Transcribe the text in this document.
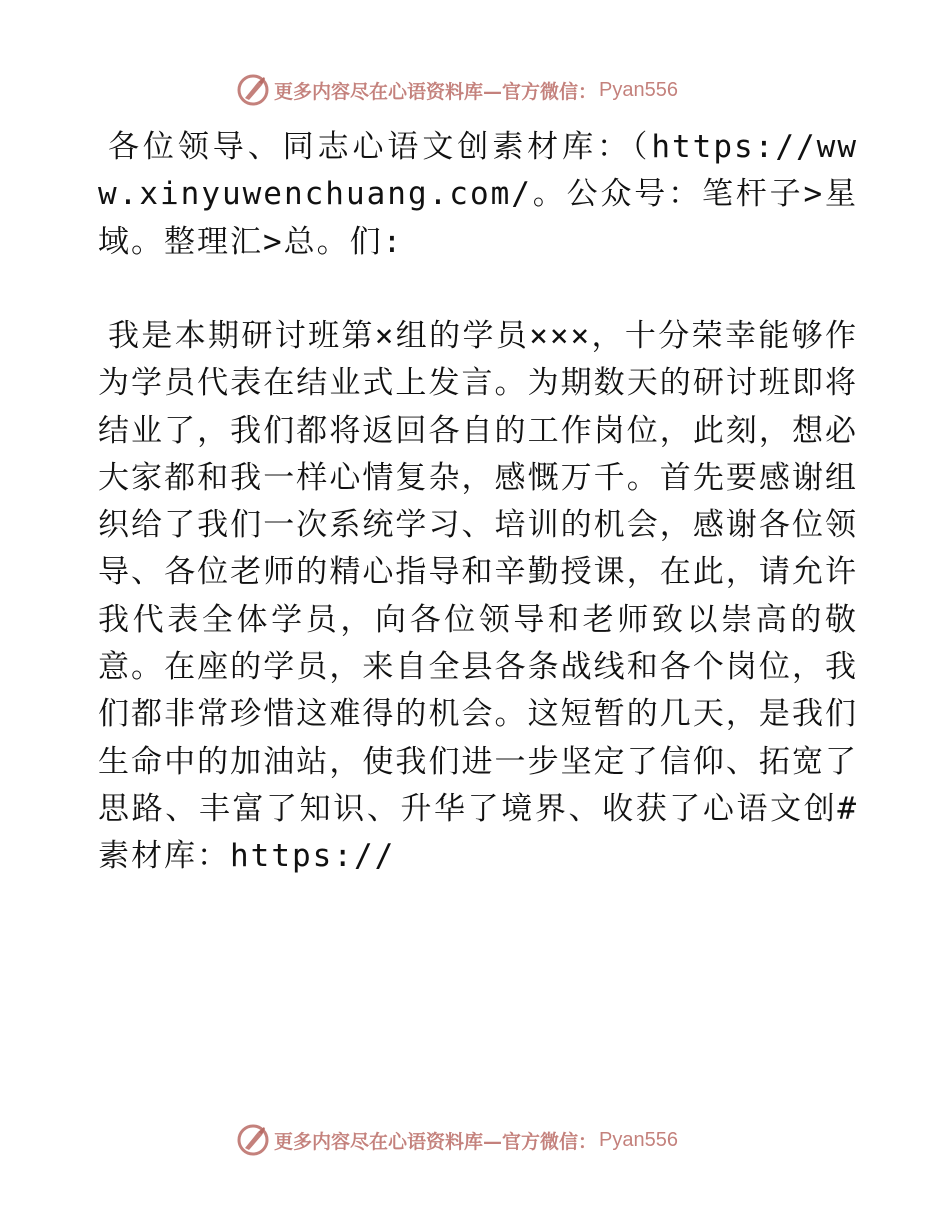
更多内容尽在心语资料库—官方微信： Pyan556

各位领导、同志心语文创素材库：（https://www.xinyuwenchuang.com/。公众号：笔杆子>星域。整理汇>总。们:

我是本期研讨班第×组的学员×××，十分荣幸能够作为学员代表在结业式上发言。为期数天的研讨班即将结业了，我们都将返回各自的工作岗位，此刻，想必大家都和我一样心情复杂，感慨万千。首先要感谢组织给了我们一次系统学习、培训的机会，感谢各位领导、各位老师的精心指导和辛勤授课，在此，请允许我代表全体学员，向各位领导和老师致以崇高的敬意。在座的学员，来自全县各条战线和各个岗位，我们都非常珍惜这难得的机会。这短暂的几天，是我们生命中的加油站，使我们进一步坚定了信仰、拓宽了思路、丰富了知识、升华了境界、收获了心语文创#素材库：https://

更多内容尽在心语资料库—官方微信： Pyan556
